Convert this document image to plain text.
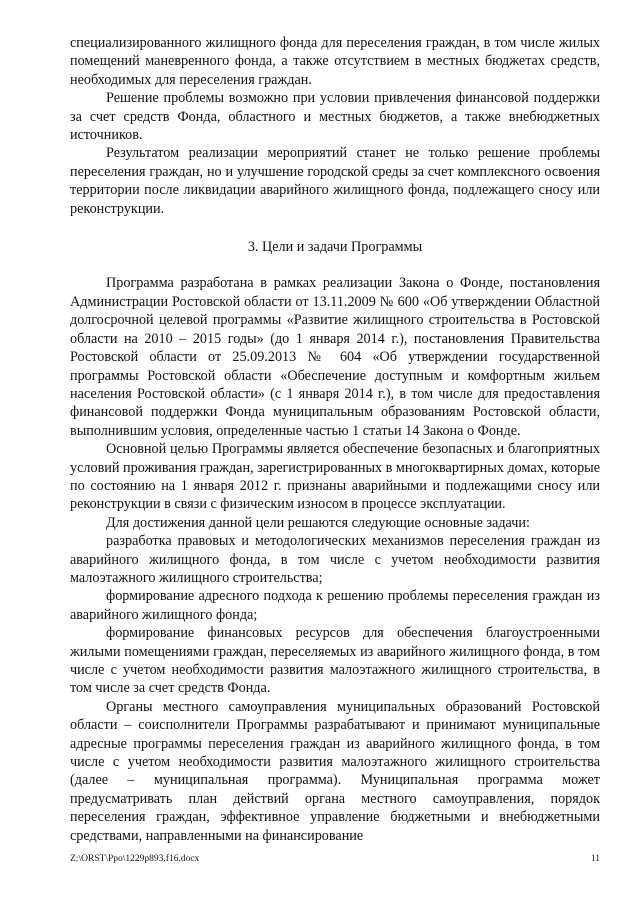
специализированного жилищного фонда для переселения граждан, в том числе жилых помещений маневренного фонда, а также отсутствием в местных бюджетах средств, необходимых для переселения граждан.

Решение проблемы возможно при условии привлечения финансовой поддержки за счет средств Фонда, областного и местных бюджетов, а также внебюджетных источников.

Результатом реализации мероприятий станет не только решение проблемы переселения граждан, но и улучшение городской среды за счет комплексного освоения территории после ликвидации аварийного жилищного фонда, подлежащего сносу или реконструкции.

3. Цели и задачи Программы

Программа разработана в рамках реализации Закона о Фонде, постановления Администрации Ростовской области от 13.11.2009 № 600 «Об утверждении Областной долгосрочной целевой программы «Развитие жилищного строительства в Ростовской области на 2010 – 2015 годы» (до 1 января 2014 г.), постановления Правительства Ростовской области от 25.09.2013 № 604 «Об утверждении государственной программы Ростовской области «Обеспечение доступным и комфортным жильем населения Ростовской области» (с 1 января 2014 г.), в том числе для предоставления финансовой поддержки Фонда муниципальным образованиям Ростовской области, выполнившим условия, определенные частью 1 статьи 14 Закона о Фонде.

Основной целью Программы является обеспечение безопасных и благоприятных условий проживания граждан, зарегистрированных в многоквартирных домах, которые по состоянию на 1 января 2012 г. признаны аварийными и подлежащими сносу или реконструкции в связи с физическим износом в процессе эксплуатации.

Для достижения данной цели решаются следующие основные задачи:

разработка правовых и методологических механизмов переселения граждан из аварийного жилищного фонда, в том числе с учетом необходимости развития малоэтажного жилищного строительства;

формирование адресного подхода к решению проблемы переселения граждан из аварийного жилищного фонда;

формирование финансовых ресурсов для обеспечения благоустроенными жилыми помещениями граждан, переселяемых из аварийного жилищного фонда, в том числе с учетом необходимости развития малоэтажного жилищного строительства, в том числе за счет средств Фонда.

Органы местного самоуправления муниципальных образований Ростовской области – соисполнители Программы разрабатывают и принимают муниципальные адресные программы переселения граждан из аварийного жилищного фонда, в том числе с учетом необходимости развития малоэтажного жилищного строительства (далее – муниципальная программа). Муниципальная программа может предусматривать план действий органа местного самоуправления, порядок переселения граждан, эффективное управление бюджетными и внебюджетными средствами, направленными на финансирование

Z:\ORST\Ppo\1229p893.f16.docx	11
